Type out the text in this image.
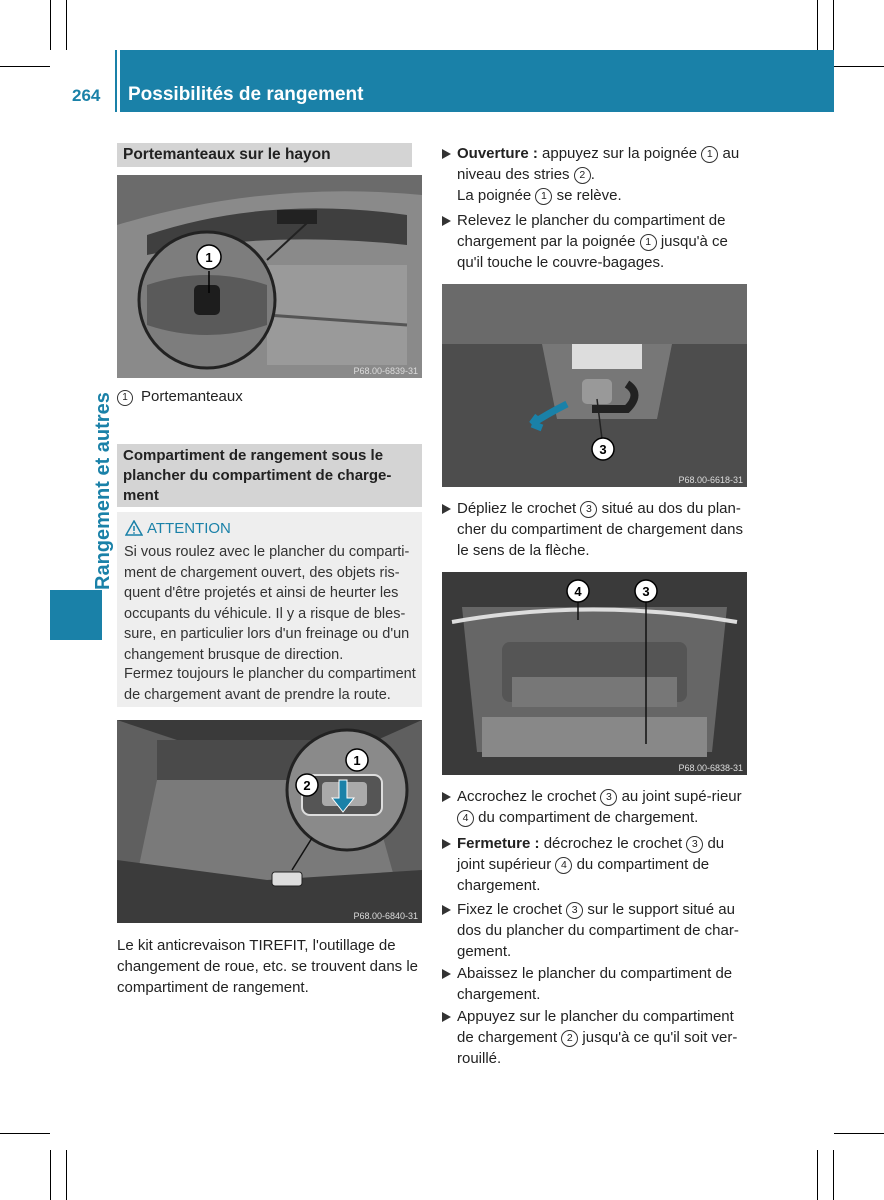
264 Possibilités de rangement
Rangement et autres
Portemanteaux sur le hayon
1
P68.00-6839-31
1 Portemanteaux
Compartiment de rangement sous le plancher du compartiment de charge-ment
ATTENTION
Si vous roulez avec le plancher du comparti-ment de chargement ouvert, des objets ris-quent d'être projetés et ainsi de heurter les occupants du véhicule. Il y a risque de bles-sure, en particulier lors d'un freinage ou d'un changement brusque de direction.
Fermez toujours le plancher du compartiment de chargement avant de prendre la route.
1
2
P68.00-6840-31
Le kit anticrevaison TIREFIT, l'outillage de changement de roue, etc. se trouvent dans le compartiment de rangement.
Ouverture : appuyez sur la poignée 1 au niveau des stries 2 .
La poignée 1 se relève.
Relevez le plancher du compartiment de chargement par la poignée 1 jusqu'à ce qu'il touche le couvre-bagages.
3
P68.00-6618-31
Dépliez le crochet 3 situé au dos du plan-cher du compartiment de chargement dans le sens de la flèche.
4	3
P68.00-6838-31
Accrochez le crochet 3 au joint supé-rieur 4 du compartiment de chargement.
Fermeture : décrochez le crochet 3 du joint supérieur 4 du compartiment de chargement.
Fixez le crochet 3 sur le support situé au dos du plancher du compartiment de char-gement.
Abaissez le plancher du compartiment de chargement.
Appuyez sur le plancher du compartiment de chargement 2 jusqu'à ce qu'il soit ver-rouillé.
